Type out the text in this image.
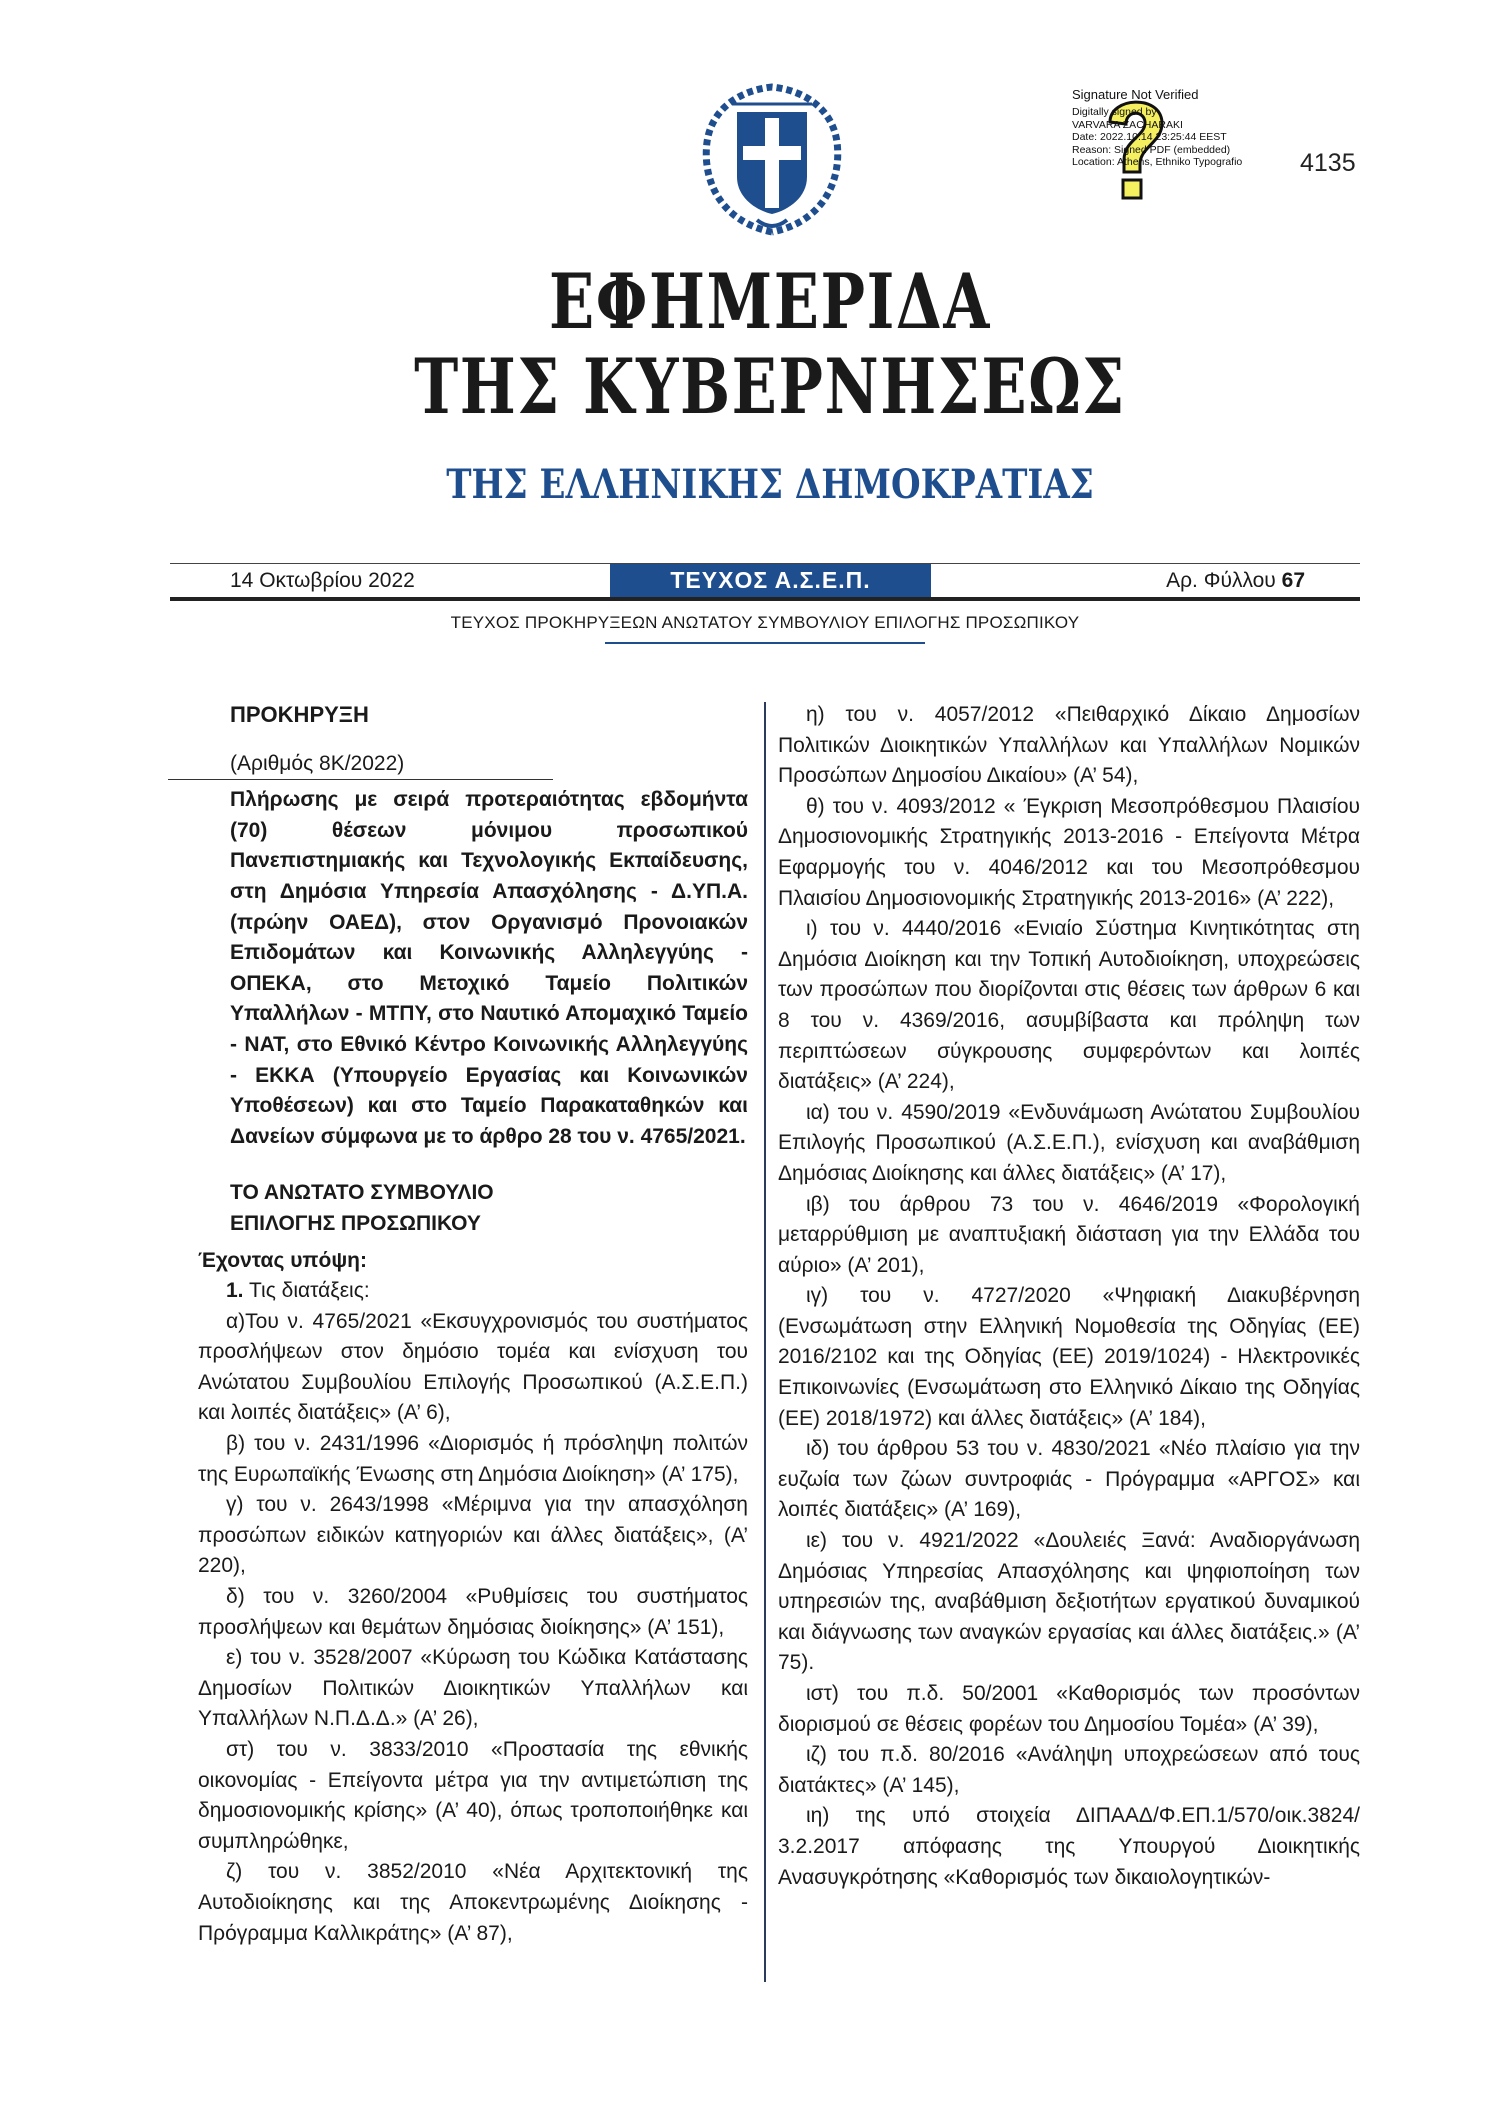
Signature Not Verified
Digitally signed by
VARVARA ZACHARAKI
Date: 2022.10.14 23:25:44 EEST
Reason: Signed PDF (embedded)
Location: Athens, Ethniko Typografio 4135
ΕΦΗΜΕΡΙΔΑ
ΤΗΣ ΚΥΒΕΡΝΗΣΕΩΣ
ΤΗΣ ΕΛΛΗΝΙΚΗΣ ΔΗΜΟΚΡΑΤΙΑΣ
14 Οκτωβρίου 2022	ΤΕΥΧΟΣ Α.Σ.Ε.Π.	Αρ. Φύλλου 67
ΤΕΥΧΟΣ ΠΡΟΚΗΡΥΞΕΩΝ ΑΝΩΤΑΤΟΥ ΣΥΜΒΟΥΛΙΟΥ ΕΠΙΛΟΓΗΣ ΠΡΟΣΩΠΙΚΟΥ
ΠΡΟΚΗΡΥΞΗ
(Αριθμός 8Κ/2022)

Πλήρωσης με σειρά προτεραιότητας εβδομήντα (70) θέσεων μόνιμου προσωπικού Πανεπιστημιακής και Τεχνολογικής Εκπαίδευσης, στη Δημόσια Υπηρεσία Απασχόλησης - Δ.ΥΠ.Α. (πρώην ΟΑΕΔ), στον Οργανισμό Προνοιακών Επιδομάτων και Κοινωνικής Αλληλεγγύης - ΟΠΕΚΑ, στο Μετοχικό Ταμείο Πολιτικών Υπαλλήλων - ΜΤΠΥ, στο Ναυτικό Απομαχικό Ταμείο - ΝΑΤ, στο Εθνικό Κέντρο Κοινωνικής Αλληλεγγύης - ΕΚΚΑ (Υπουργείο Εργασίας και Κοινωνικών Υποθέσεων) και στο Ταμείο Παρακαταθηκών και Δανείων σύμφωνα με το άρθρο 28 του ν. 4765/2021.

ΤΟ ΑΝΩΤΑΤΟ ΣΥΜΒΟΥΛΙΟ
ΕΠΙΛΟΓΗΣ ΠΡΟΣΩΠΙΚΟΥ

Έχοντας υπόψη:

1. Τις διατάξεις:

α)Του ν. 4765/2021 «Εκσυγχρονισμός του συστήματος προσλήψεων στον δημόσιο τομέα και ενίσχυση του Ανώτατου Συμβουλίου Επιλογής Προσωπικού (Α.Σ.Ε.Π.) και λοιπές διατάξεις» (Α’ 6),

β) του ν. 2431/1996 «Διορισμός ή πρόσληψη πολιτών της Ευρωπαϊκής Ένωσης στη Δημόσια Διοίκηση» (Α’ 175),

γ) του ν. 2643/1998 «Μέριμνα για την απασχόληση προσώπων ειδικών κατηγοριών και άλλες διατάξεις», (Α’ 220),

δ) του ν. 3260/2004 «Ρυθμίσεις του συστήματος προσλήψεων και θεμάτων δημόσιας διοίκησης» (Α’ 151),

ε) του ν. 3528/2007 «Κύρωση του Κώδικα Κατάστασης Δημοσίων Πολιτικών Διοικητικών Υπαλλήλων και Υπαλλήλων Ν.Π.Δ.Δ.» (Α’ 26),

στ) του ν. 3833/2010 «Προστασία της εθνικής οικονομίας - Επείγοντα μέτρα για την αντιμετώπιση της δημοσιονομικής κρίσης» (Α’ 40), όπως τροποποιήθηκε και συμπληρώθηκε,

ζ) του ν. 3852/2010 «Νέα Αρχιτεκτονική της Αυτοδιοίκησης και της Αποκεντρωμένης Διοίκησης - Πρόγραμμα Καλλικράτης» (Α’ 87),

η) του ν. 4057/2012 «Πειθαρχικό Δίκαιο Δημοσίων Πολιτικών Διοικητικών Υπαλλήλων και Υπαλλήλων Νομικών Προσώπων Δημοσίου Δικαίου» (Α’ 54),

θ) του ν. 4093/2012 « Έγκριση Μεσοπρόθεσμου Πλαισίου Δημοσιονομικής Στρατηγικής 2013-2016 - Επείγοντα Μέτρα Εφαρμογής του ν. 4046/2012 και του Μεσοπρόθεσμου Πλαισίου Δημοσιονομικής Στρατηγικής 2013-2016» (Α’ 222),

ι) του ν. 4440/2016 «Ενιαίο Σύστημα Κινητικότητας στη Δημόσια Διοίκηση και την Τοπική Αυτοδιοίκηση, υποχρεώσεις των προσώπων που διορίζονται στις θέσεις των άρθρων 6 και 8 του ν. 4369/2016, ασυμβίβαστα και πρόληψη των περιπτώσεων σύγκρουσης συμφερόντων και λοιπές διατάξεις» (Α’ 224),

ια) του ν. 4590/2019 «Ενδυνάμωση Ανώτατου Συμβουλίου Επιλογής Προσωπικού (Α.Σ.Ε.Π.), ενίσχυση και αναβάθμιση Δημόσιας Διοίκησης και άλλες διατάξεις» (Α’ 17),

ιβ) του άρθρου 73 του ν. 4646/2019 «Φορολογική μεταρρύθμιση με αναπτυξιακή διάσταση για την Ελλάδα του αύριο» (Α’ 201),

ιγ) του ν. 4727/2020 «Ψηφιακή Διακυβέρνηση (Ενσωμάτωση στην Ελληνική Νομοθεσία της Οδηγίας (ΕΕ) 2016/2102 και της Οδηγίας (ΕΕ) 2019/1024) - Ηλεκτρονικές Επικοινωνίες (Ενσωμάτωση στο Ελληνικό Δίκαιο της Οδηγίας (ΕΕ) 2018/1972) και άλλες διατάξεις» (Α’ 184),

ιδ) του άρθρου 53 του ν. 4830/2021 «Νέο πλαίσιο για την ευζωία των ζώων συντροφιάς - Πρόγραμμα «ΑΡΓΟΣ» και λοιπές διατάξεις» (Α’ 169),

ιε) του ν. 4921/2022 «Δουλειές Ξανά: Αναδιοργάνωση Δημόσιας Υπηρεσίας Απασχόλησης και ψηφιοποίηση των υπηρεσιών της, αναβάθμιση δεξιοτήτων εργατικού δυναμικού και διάγνωσης των αναγκών εργασίας και άλλες διατάξεις.» (Α’ 75).

ιστ) του π.δ. 50/2001 «Καθορισμός των προσόντων διορισμού σε θέσεις φορέων του Δημοσίου Τομέα» (Α’ 39),

ιζ) του π.δ. 80/2016 «Ανάληψη υποχρεώσεων από τους διατάκτες» (Α’ 145),

ιη) της υπό στοιχεία ΔΙΠΑΑΔ/Φ.ΕΠ.1/570/οικ.3824/ 3.2.2017 απόφασης της Υπουργού Διοικητικής Ανασυγκρότησης «Καθορισμός των δικαιολογητικών-
